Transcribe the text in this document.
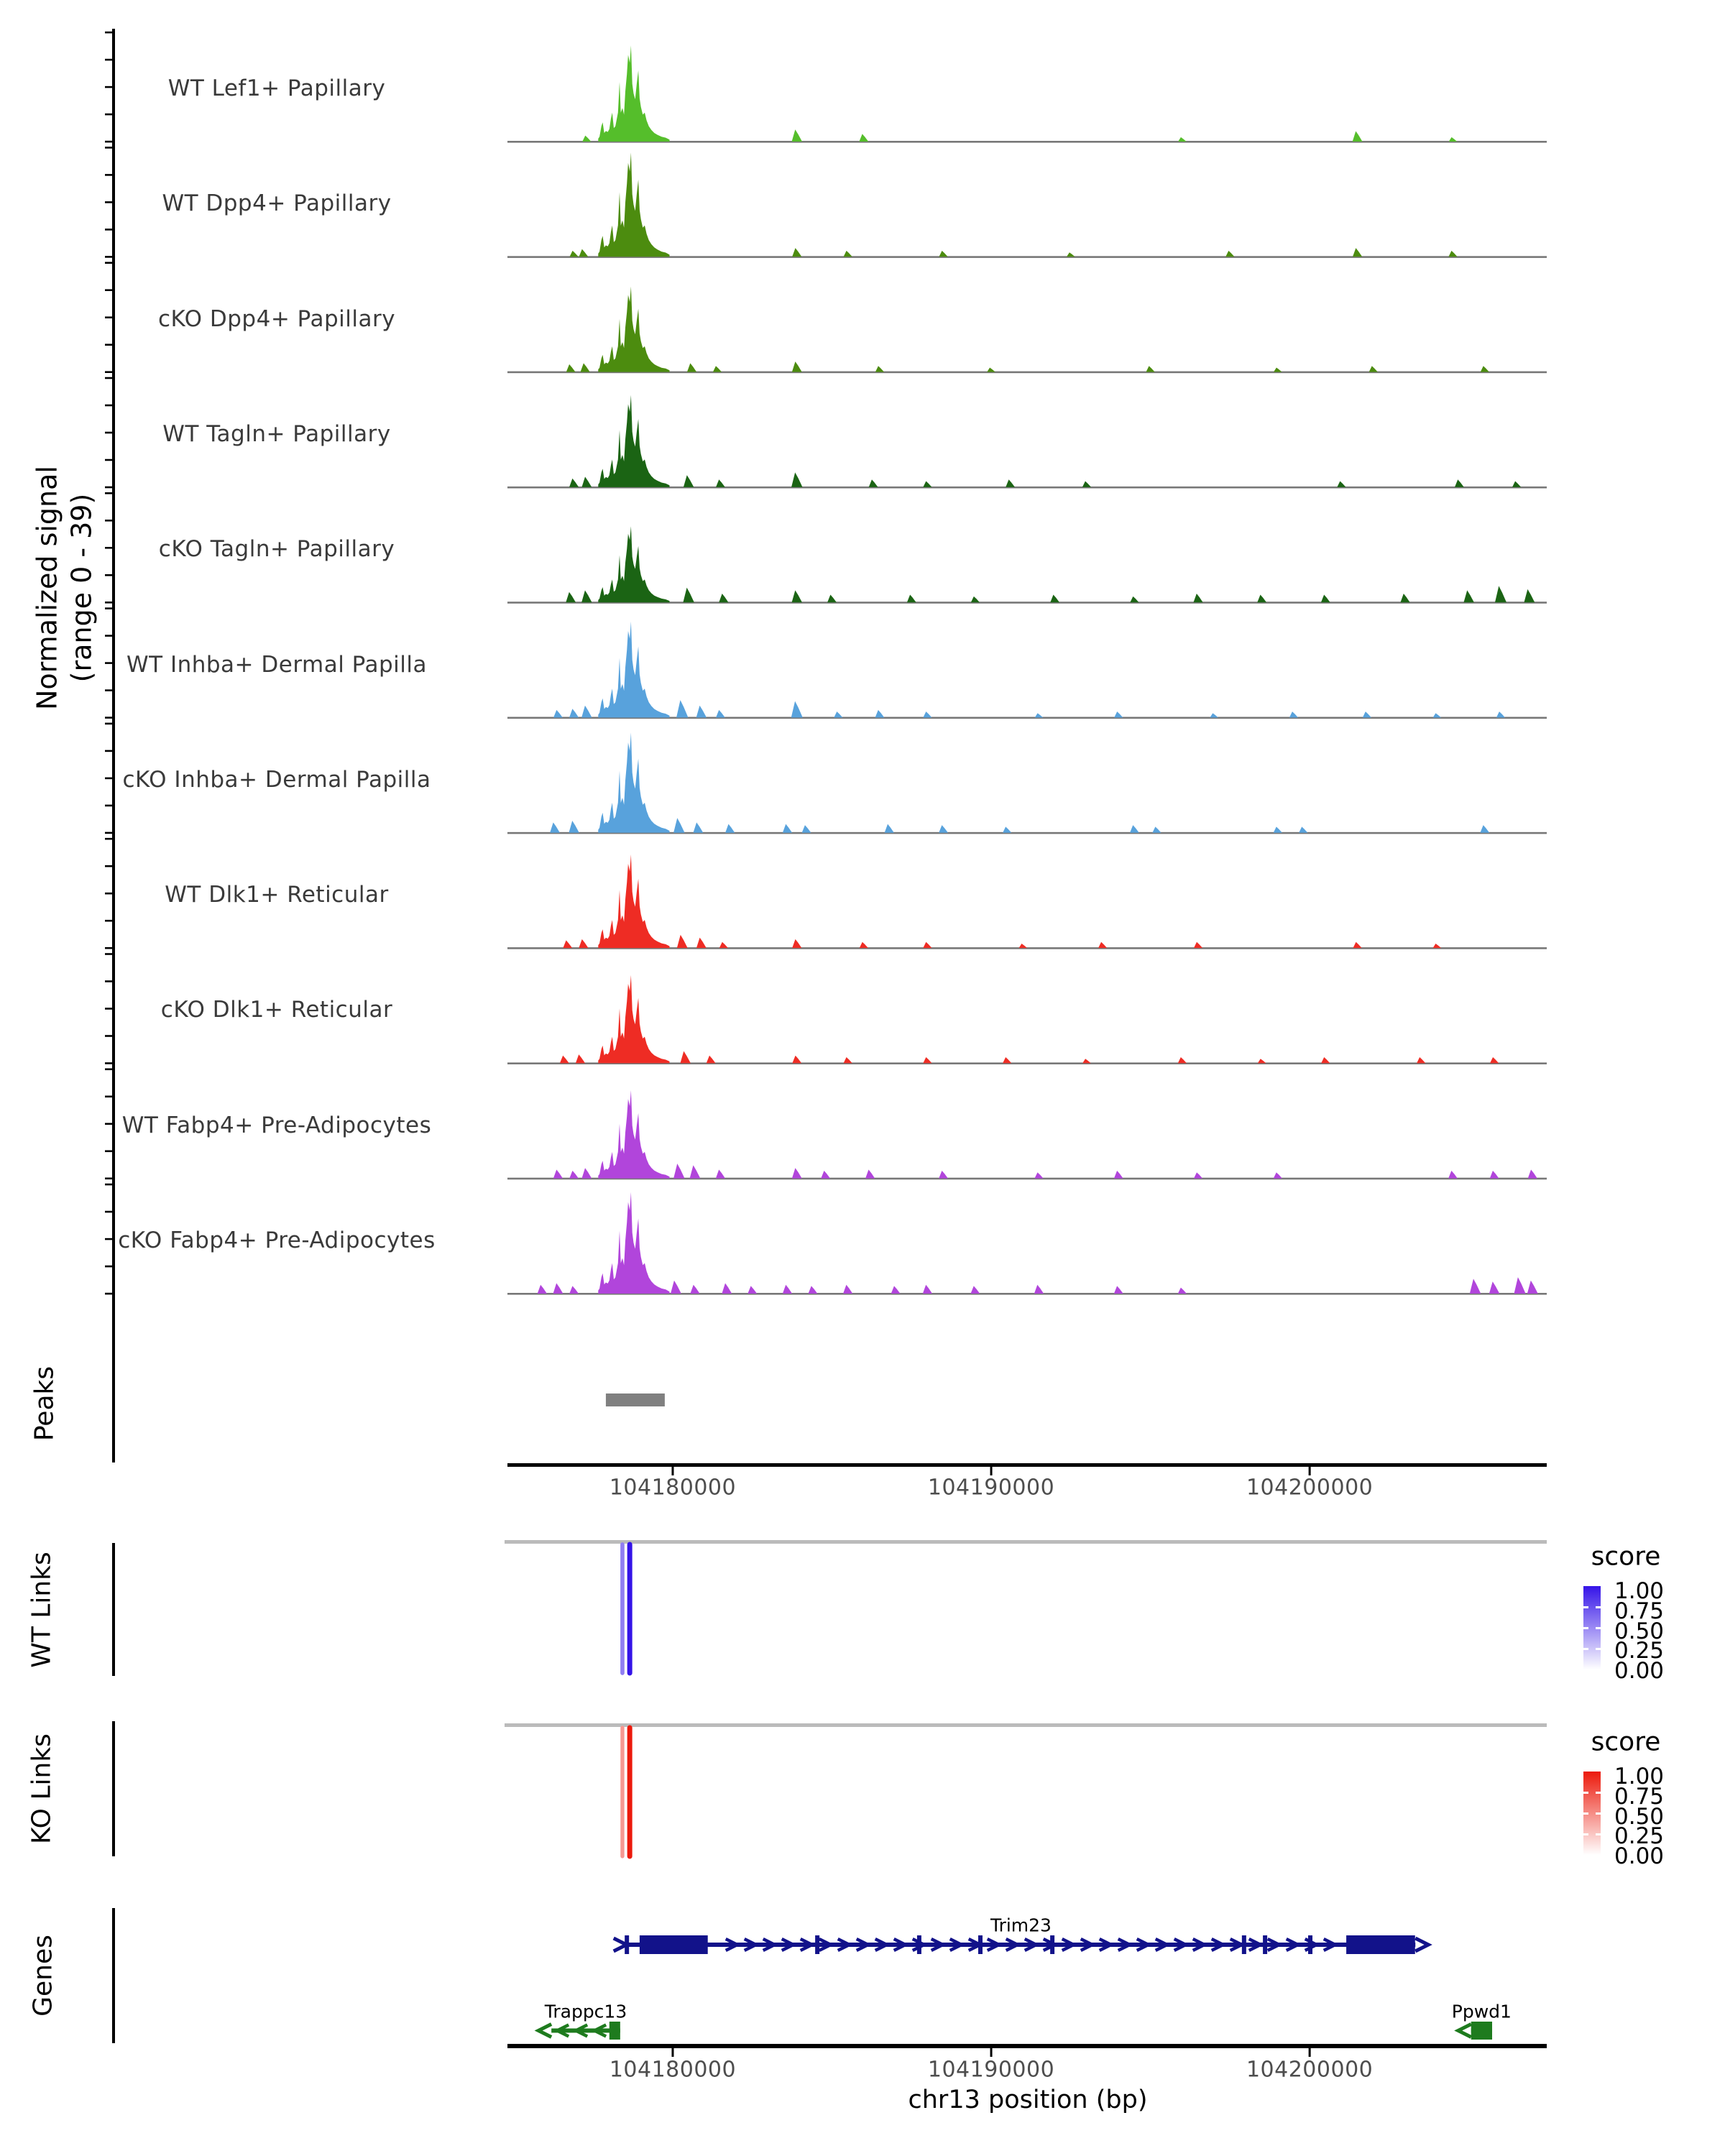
Normalized signal (range 0 - 39)
Peaks
WT Links
KO Links
Genes
score
score
chr13 position (bp)
WT Lef1+ Papillary
WT Dpp4+ Papillary
cKO Dpp4+ Papillary
WT Tagln+ Papillary
cKO Tagln+ Papillary
WT Inhba+ Dermal Papilla
cKO Inhba+ Dermal Papilla
WT Dlk1+ Reticular
cKO Dlk1+ Reticular
WT Fabp4+ Pre-Adipocytes
cKO Fabp4+ Pre-Adipocytes
104180000	104190000	104200000
104180000	104190000	104200000
1.00
0.75
0.50
0.25
0.00
1.00
0.75
0.50
0.25
0.00
Trim23
Trappc13	Ppwd1
